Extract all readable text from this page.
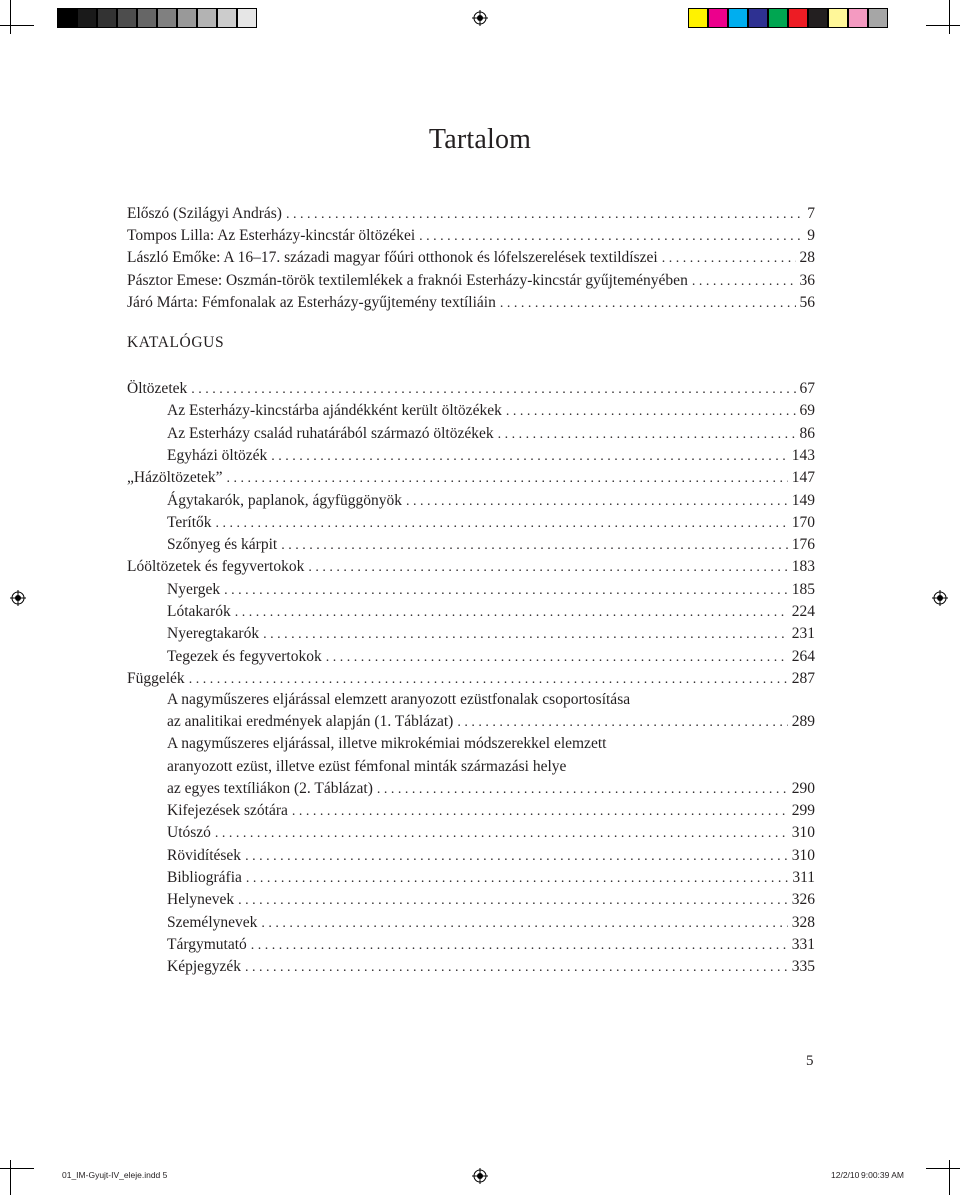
Tartalom
Előszó (Szilágyi András) . . .	7
Tompos Lilla: Az Esterházy-kincstár öltözékei . . .	9
László Emőke: A 16–17. századi magyar főúri otthonok és lófelszerelések textildíszei . . .	28
Pásztor Emese: Oszmán-török textilemlékek a fraknói Esterházy-kincstár gyűjteményében . . .	36
Járó Márta: Fémfonalak az Esterházy-gyűjtemény textíliáin . . .	56
KATALÓGUS
Öltözetek . . .	67
Az Esterházy-kincstárba ajándékként került öltözékek . . .	69
Az Esterházy család ruhatárából származó öltözékek . . .	86
Egyházi öltözék . . .	143
„Házöltözetek” . . .	147
Ágytakarók, paplanok, ágyfüggönyök . . .	149
Terítők . . .	170
Szőnyeg és kárpit . . .	176
Lóöltözetek és fegyvertokok . . .	183
Nyergek . . .	185
Lótakarók . . .	224
Nyeregtakarók . . .	231
Tegezek és fegyvertokok . . .	264
Függelék . . .	287
A nagyműszeres eljárással elemzett aranyozott ezüstfonalak csoportosítása
az analitikai eredmények alapján (1. Táblázat) . . .	289
A nagyműszeres eljárással, illetve mikrokémiai módszerekkel elemzett
aranyozott ezüst, illetve ezüst fémfonal minták származási helye
az egyes textíliákon (2. Táblázat) . . .	290
Kifejezések szótára . . .	299
Utószó . . .	310
Rövidítések . . .	310
Bibliográfia . . .	311
Helynevek . . .	326
Személynevek . . .	328
Tárgymutató . . .	331
Képjegyzék . . .	335
5
01_IM-Gyujt-IV_eleje.indd 5	12/2/10 9:00:39 AM
